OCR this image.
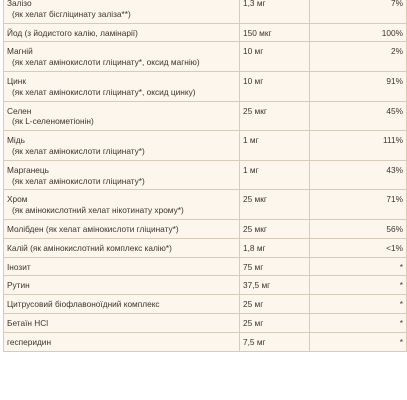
Залізо
(як хелат бісгліцинату заліза**)	1,3 мг	7%

Йод (з йодистого калію, ламінарії)	150 мкг	100%

Магній
(як хелат амінокислоти гліцинату*, оксид магнію)	10 мг	2%

Цинк
(як хелат амінокислоти гліцинату*, оксид цинку)	10 мг	91%

Селен
(як L-селенометіонін)	25 мкг	45%

Мідь
(як хелат амінокислоти гліцинату*)	1 мг	111%

Марганець
(як хелат амінокислоти гліцинату*)	1 мг	43%

Хром
(як амінокислотний хелат нікотинату хрому*)	25 мкг	71%

Молібден (як хелат амінокислоти гліцинату*)	25 мкг	56%

Калій (як амінокислотний комплекс калію*)	1,8 мг	<1%

Інозит	75 мг	*

Рутин	37,5 мг	*

Цитрусовий біофлавоноїдний комплекс	25 мг	*

Бетаїн HCl	25 мг	*

гесперидин	7,5 мг	*
